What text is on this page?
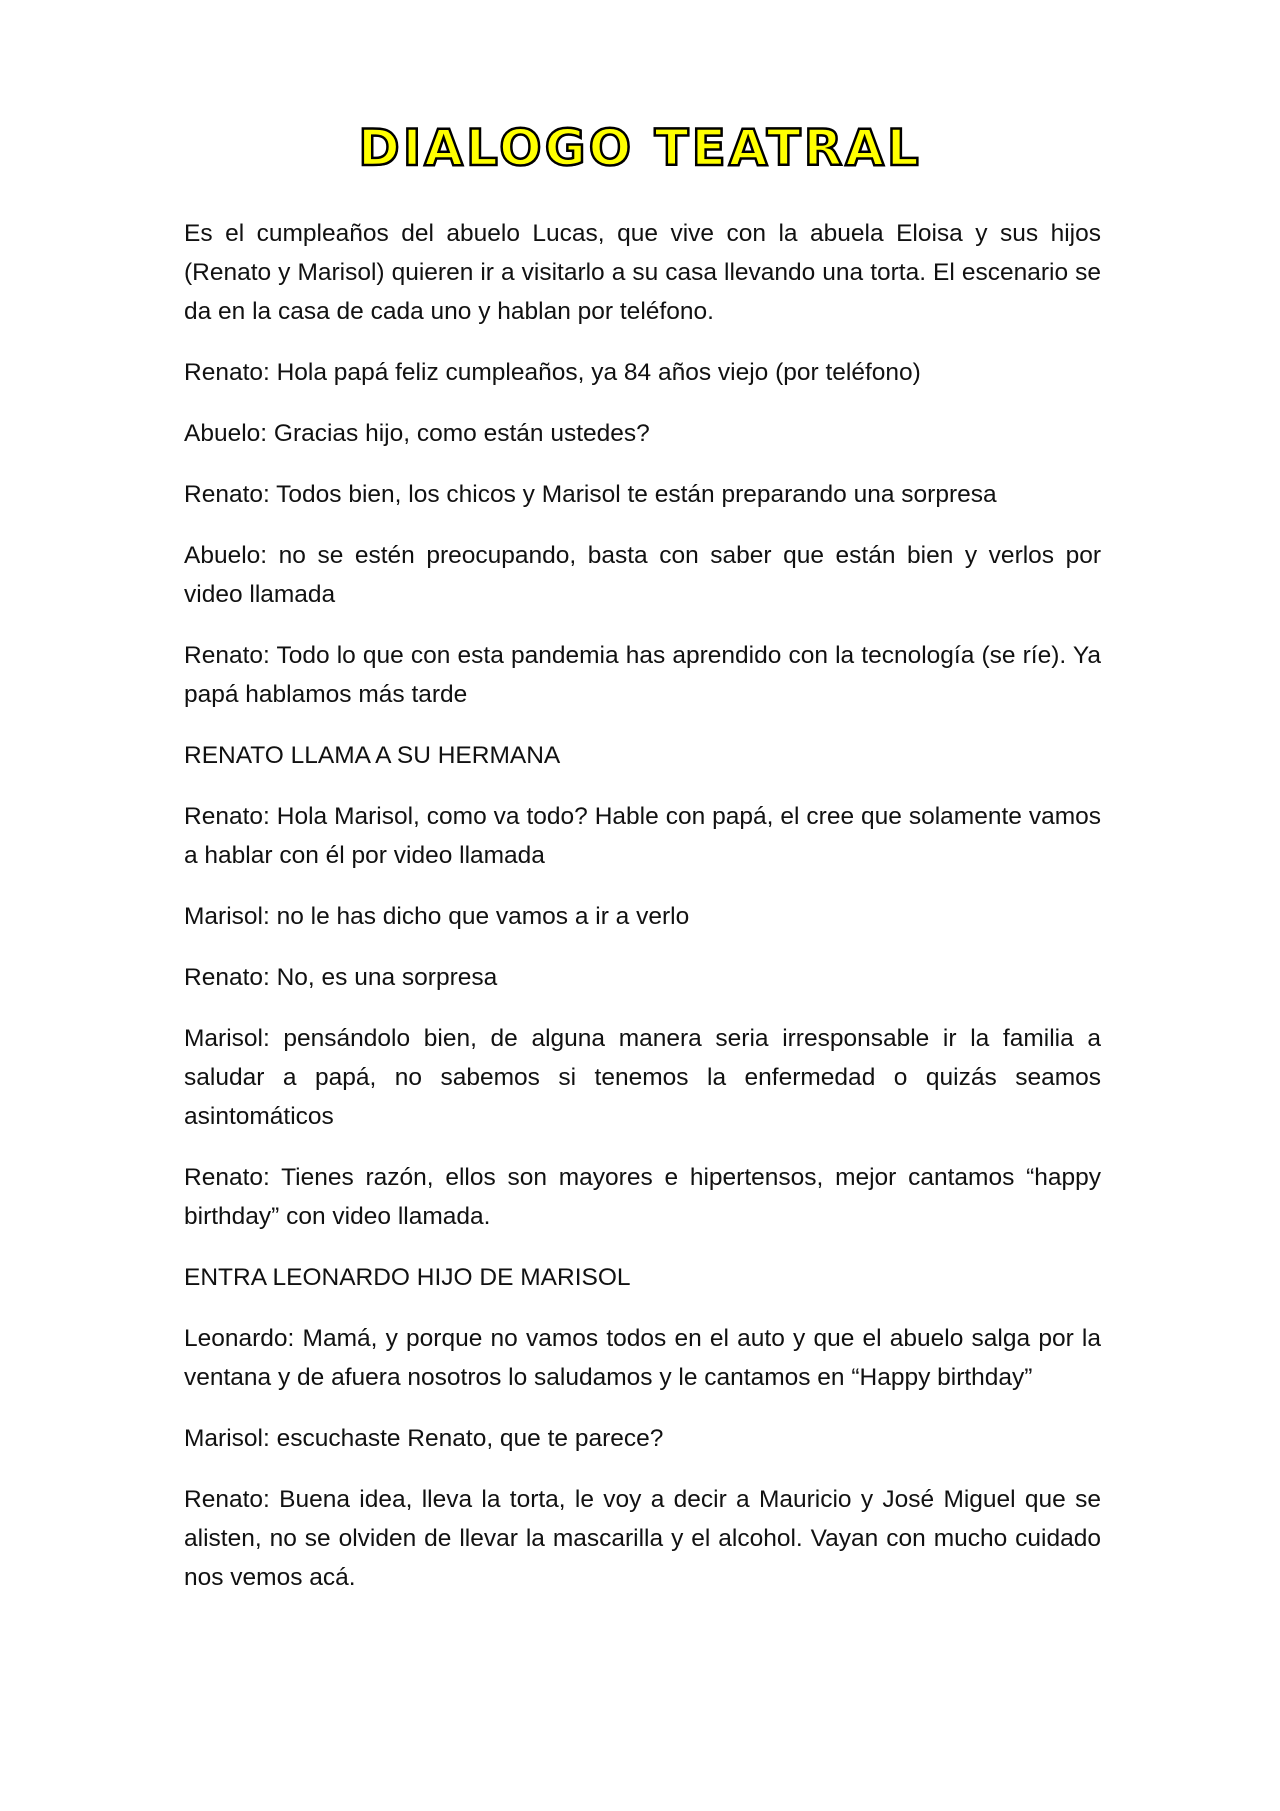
DIALOGO TEATRAL

Es el cumpleaños del abuelo Lucas, que vive con la abuela Eloisa y sus hijos (Renato y Marisol) quieren ir a visitarlo a su casa llevando una torta. El escenario se da en la casa de cada uno y hablan por teléfono.

Renato: Hola papá feliz cumpleaños, ya 84 años viejo (por teléfono)

Abuelo: Gracias hijo, como están ustedes?

Renato: Todos bien, los chicos y Marisol te están preparando una sorpresa

Abuelo: no se estén preocupando, basta con saber que están bien y verlos por video llamada

Renato: Todo lo que con esta pandemia has aprendido con la tecnología (se ríe). Ya papá hablamos más tarde

RENATO LLAMA A SU HERMANA

Renato: Hola Marisol, como va todo? Hable con papá, el cree que solamente vamos a hablar con él por video llamada

Marisol: no le has dicho que vamos a ir a verlo

Renato: No, es una sorpresa

Marisol: pensándolo bien, de alguna manera seria irresponsable ir la familia a saludar a papá, no sabemos si tenemos la enfermedad o quizás seamos asintomáticos

Renato: Tienes razón, ellos son mayores e hipertensos, mejor cantamos “happy birthday” con video llamada.

ENTRA LEONARDO HIJO DE MARISOL

Leonardo: Mamá, y porque no vamos todos en el auto y que el abuelo salga por la ventana y de afuera nosotros lo saludamos y le cantamos en “Happy birthday”

Marisol: escuchaste Renato, que te parece?

Renato: Buena idea, lleva la torta, le voy a decir a Mauricio y José Miguel que se alisten, no se olviden de llevar la mascarilla y el alcohol. Vayan con mucho cuidado nos vemos acá.
